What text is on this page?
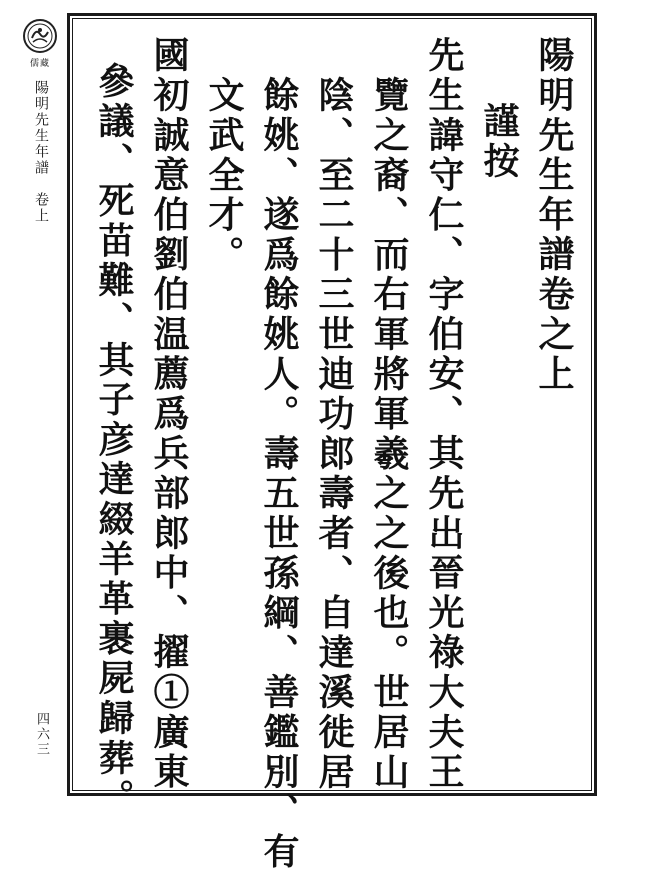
儒藏
陽明先生年譜　卷上
四六三
陽明先生年譜卷之上
謹按
先生諱守仁、字伯安、其先出晉光祿大夫王
覽之裔、而右軍將軍羲之之後也。世居山
陰、至二十三世迪功郎壽者、自達溪徙居
餘姚、遂爲餘姚人。壽五世孫綱、善鑑別、有
文武全才。
國初誠意伯劉伯温薦爲兵部郎中、擢①廣東
參議、死苗難、其子彦達綴羊革裹屍歸葬。
